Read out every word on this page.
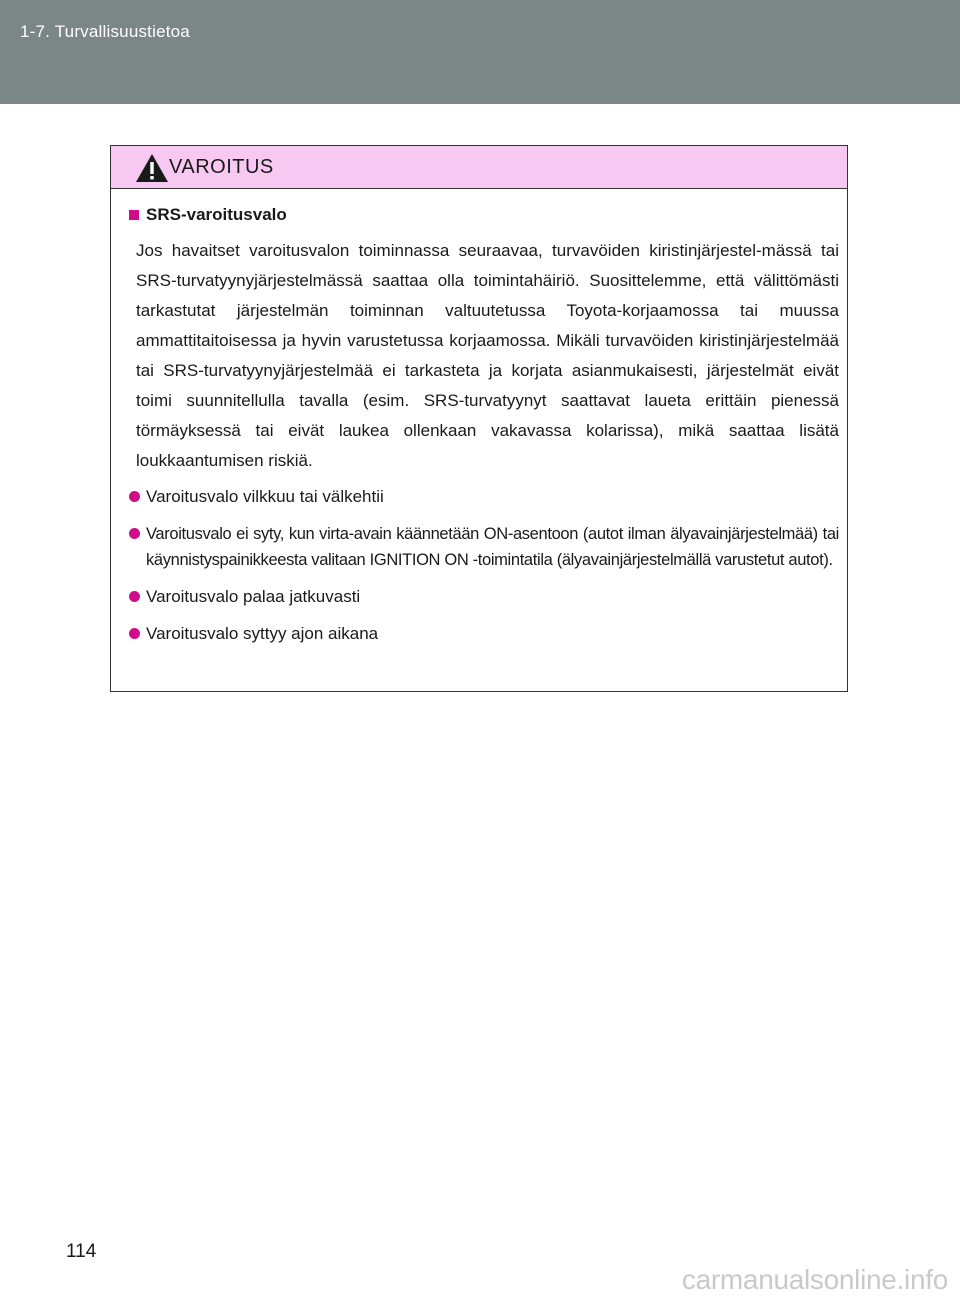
1-7. Turvallisuustietoa
VAROITUS
SRS-varoitusvalo
Jos havaitset varoitusvalon toiminnassa seuraavaa, turvavöiden kiristinjärjestel-mässä tai SRS-turvatyynyjärjestelmässä saattaa olla toimintahäiriö. Suosittelemme, että välittömästi tarkastutat järjestelmän toiminnan valtuutetussa Toyota-korjaamossa tai muussa ammattitaitoisessa ja hyvin varustetussa korjaamossa. Mikäli turvavöiden kiristinjärjestelmää tai SRS-turvatyynyjärjestelmää ei tarkasteta ja korjata asianmukaisesti, järjestelmät eivät toimi suunnitellulla tavalla (esim. SRS-turvatyynyt saattavat laueta erittäin pienessä törmäyksessä tai eivät laukea ollenkaan vakavassa kolarissa), mikä saattaa lisätä loukkaantumisen riskiä.
Varoitusvalo vilkkuu tai välkehtii
Varoitusvalo ei syty, kun virta-avain käännetään ON-asentoon (autot ilman älyavainjärjestelmää) tai käynnistyspainikkeesta valitaan IGNITION ON -toimintatila (älyavainjärjestelmällä varustetut autot).
Varoitusvalo palaa jatkuvasti
Varoitusvalo syttyy ajon aikana
114
carmanualsonline.info
